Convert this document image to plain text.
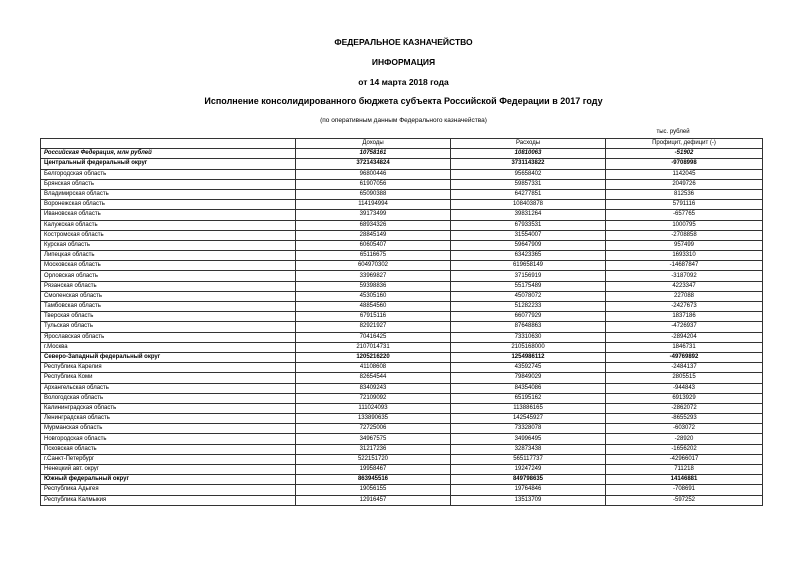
ФЕДЕРАЛЬНОЕ КАЗНАЧЕЙСТВО
ИНФОРМАЦИЯ
от 14 марта 2018 года
Исполнение консолидированного бюджета субъекта Российской Федерации в 2017 году
(по оперативным данным Федерального казначейства)
тыс. рублей
	Доходы	Расходы	Профицит, дефицит (-)
Российская Федерация, млн рублей	10758161	10810063	-51902
Центральный федеральный округ	3721434824	3731143822	-9708998
Белгородская область	96800446	95658402	1142045
Брянская область	61907056	59857331	2049726
Владимирская область	65090388	64277851	812536
Воронежская область	114194994	108403878	5791116
Ивановская область	39173499	39831264	-657765
Калужская область	68934326	67933531	1000795
Костромская область	28845149	31554007	-2708858
Курская область	60605407	59647909	957499
Липецкая область	65116675	63423365	1693310
Московская область	604970302	619658149	-14687847
Орловская область	33969827	37156919	-3187092
Рязанская область	59398836	55175489	4223347
Смоленская область	45305160	45078072	227088
Тамбовская область	48854560	51282233	-2427673
Тверская область	67915116	66077929	1837186
Тульская область	82921927	87648863	-4726937
Ярославская область	70416425	73310630	-2894204
г.Москва	2107014731	2105168000	1846731
Северо-Западный федеральный округ	1205216220	1254986112	-49769892
Республика Карелия	41108608	43592745	-2484137
Республика Коми	82654544	79849029	2805515
Архангельская область	83409243	84354086	-944843
Вологодская область	72109092	65195162	6913929
Калининградская область	111024093	113886165	-2862072
Ленинградская область	133890635	142545927	-8655293
Мурманская область	72725006	73328078	-603072
Новгородская область	34967575	34996495	-28920
Псковская область	31217236	32873438	-1656202
г.Санкт-Петербург	522151720	565117737	-42966017
Ненецкий авт. округ	19958467	19247249	711218
Южный федеральный округ	863945516	849798635	14146881
Республика Адыгея	19056155	19764846	-708691
Республика Калмыкия	12916457	13513709	-597252
